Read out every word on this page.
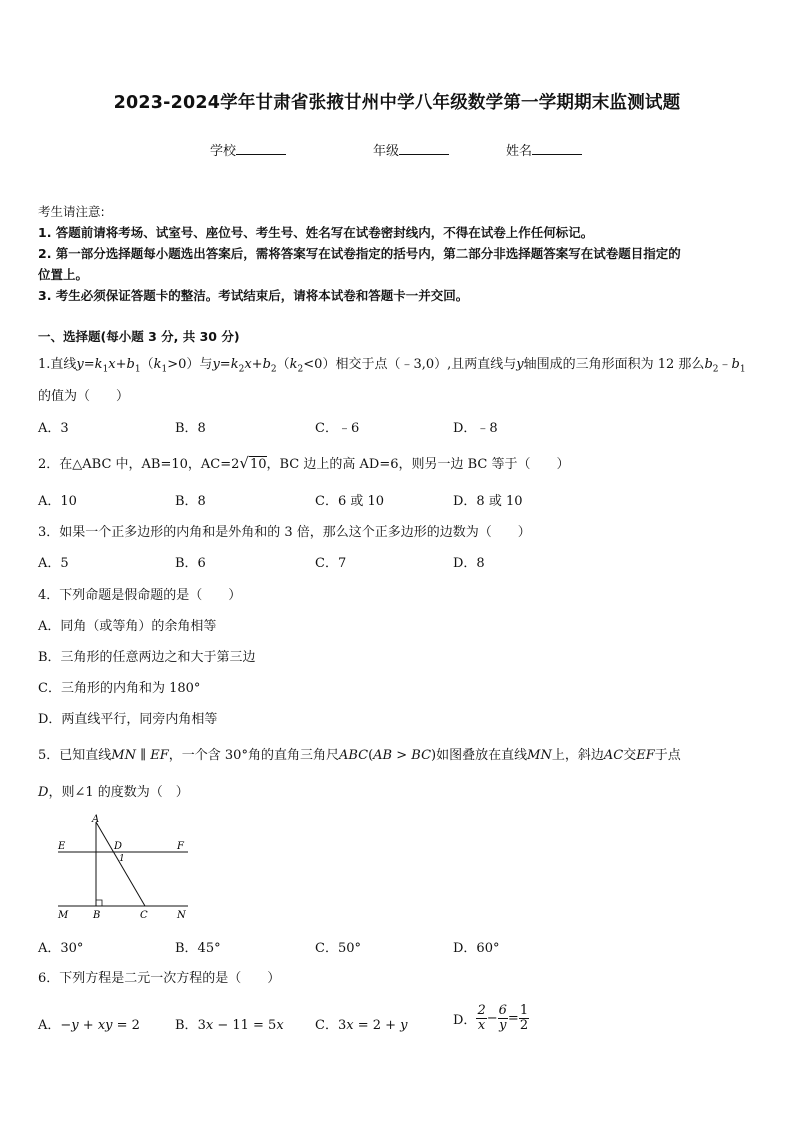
2023-2024学年甘肃省张掖甘州中学八年级数学第一学期期末监测试题
学校	年级	姓名
考生请注意:
1. 答题前请将考场、试室号、座位号、考生号、姓名写在试卷密封线内，不得在试卷上作任何标记。
2. 第一部分选择题每小题选出答案后，需将答案写在试卷指定的括号内，第二部分非选择题答案写在试卷题目指定的
位置上。
3. 考生必须保证答题卡的整洁。考试结束后，请将本试卷和答题卡一并交回。
一、选择题(每小题 3 分, 共 30 分)
1.直线$y=k_1x+b_1(k_1>0)$与$y=k_2x+b_2(k_2<0)$相交于点（﹣3,0）,且两直线与y轴围成的三角形面积为 12 那么$b_2﹣b_1$
的值为（　　）
A．3	B．8	C．﹣6	D．﹣8
2．在△ABC 中，AB=10，AC=2√10，BC 边上的高 AD=6，则另一边 BC 等于（　　）
A．10	B．8	C．6 或 10	D．8 或 10
3．如果一个正多边形的内角和是外角和的 3 倍，那么这个正多边形的边数为（　　）
A．5	B．6	C．7	D．8
4．下列命题是假命题的是（　　）
A．同角（或等角）的余角相等
B．三角形的任意两边之和大于第三边
C．三角形的内角和为 180°
D．两直线平行，同旁内角相等
5．已知直线MN ∥ EF，一个含 30°角的直角三角尺ABC(AB > BC)如图叠放在直线MN上，斜边AC交EF于点
D，则∠1 的度数为（　）
A
D
1
E	F
M B	C	N
A．30°	B．45°	C．50°	D．60°
6．下列方程是二元一次方程的是（　　）
A．−y + xy = 2	B．3x − 11 = 5x C．3x = 2 + y	D． $\frac{2}{x} - \frac{6}{y} = \frac{1}{2}$
